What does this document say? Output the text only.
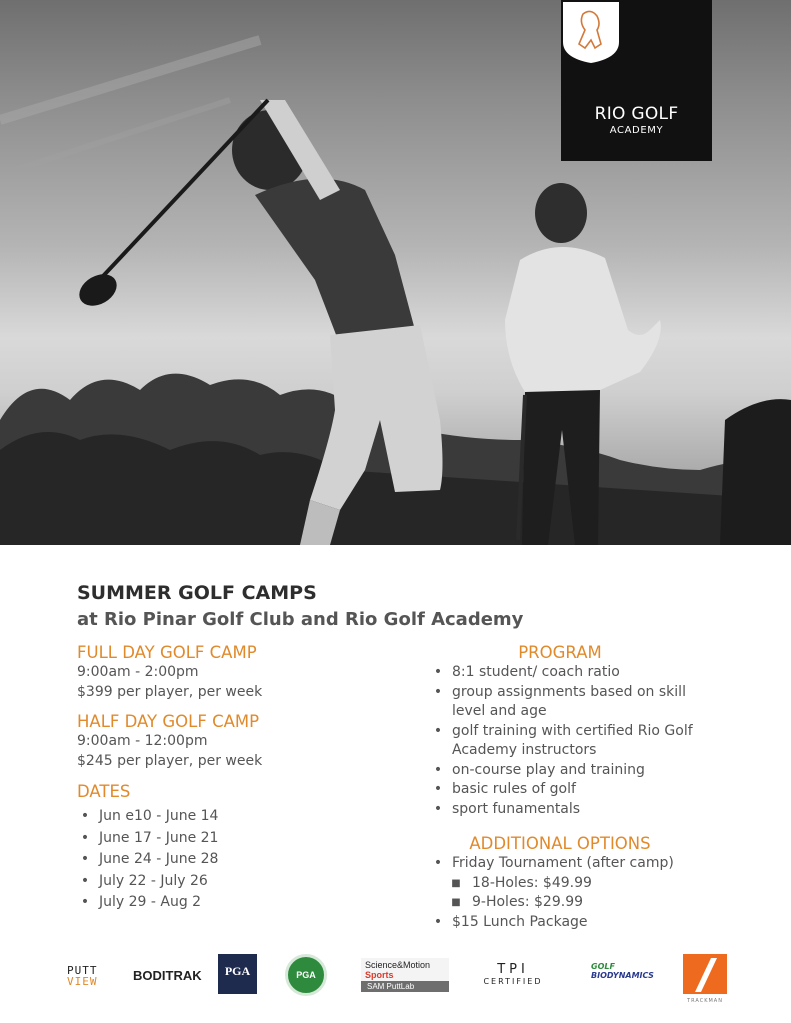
RIO GOLF
ACADEMY
SUMMER GOLF CAMPS
at Rio Pinar Golf Club and Rio Golf Academy
FULL DAY GOLF CAMP
9:00am - 2:00pm
$399 per player, per week
HALF DAY GOLF CAMP
9:00am - 12:00pm
$245 per player, per week
DATES
• Jun e10 - June 14
• June 17 - June 21
• June 24 - June 28
• July 22 - July 26
• July 29 - Aug 2
PROGRAM
• 8:1 student/ coach ratio
• group assignments based on skill
level and age
• golf training with certified Rio Golf
Academy instructors
• on-course play and training
• basic rules of golf
• sport funamentals
ADDITIONAL OPTIONS
• Friday Tournament (after camp)
■ 18-Holes: $49.99
■ 9-Holes: $29.99
• $15 Lunch Package
PUTT
VIEW	BODITRAK	PGA	PGA
Science&Motion
Sports
SAM PuttLab
TPI
CERTIFIED
GOLF
BIODYNAMICS
TRACKMAN
